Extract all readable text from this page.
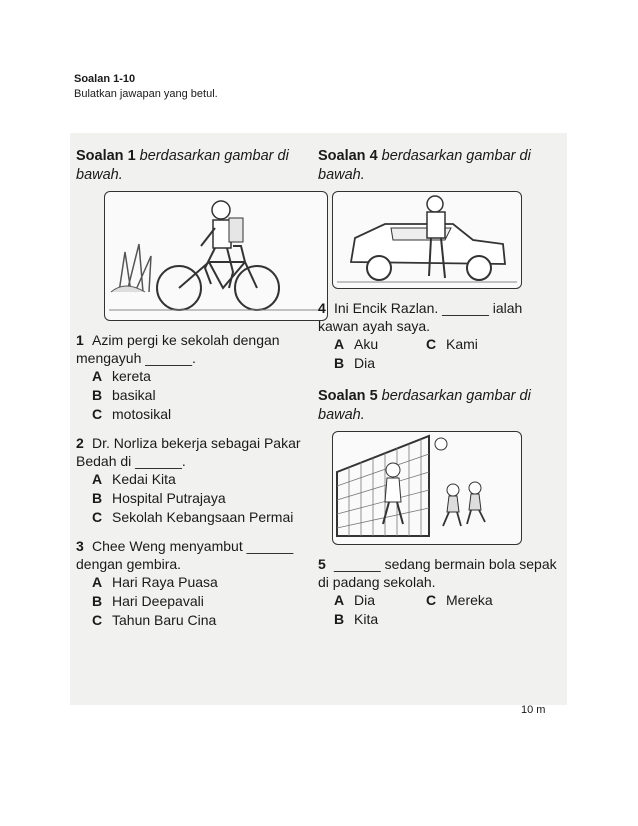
Soalan 1-10
Bulatkan jawapan yang betul.
Soalan 1 berdasarkan gambar di bawah.
1 Azim pergi ke sekolah dengan mengayuh ______.
A kereta
B basikal
C motosikal
2 Dr. Norliza bekerja sebagai Pakar Bedah di ______.
A Kedai Kita
B Hospital Putrajaya
C Sekolah Kebangsaan Permai
3 Chee Weng menyambut ______ dengan gembira.
A Hari Raya Puasa
B Hari Deepavali
C Tahun Baru Cina
Soalan 4 berdasarkan gambar di bawah.
4 Ini Encik Razlan. ______ ialah kawan ayah saya.
A Aku	C Kami
B Dia
Soalan 5 berdasarkan gambar di bawah.
5 ______ sedang bermain bola sepak di padang sekolah.
A Dia	C Mereka
B Kita
10 m
